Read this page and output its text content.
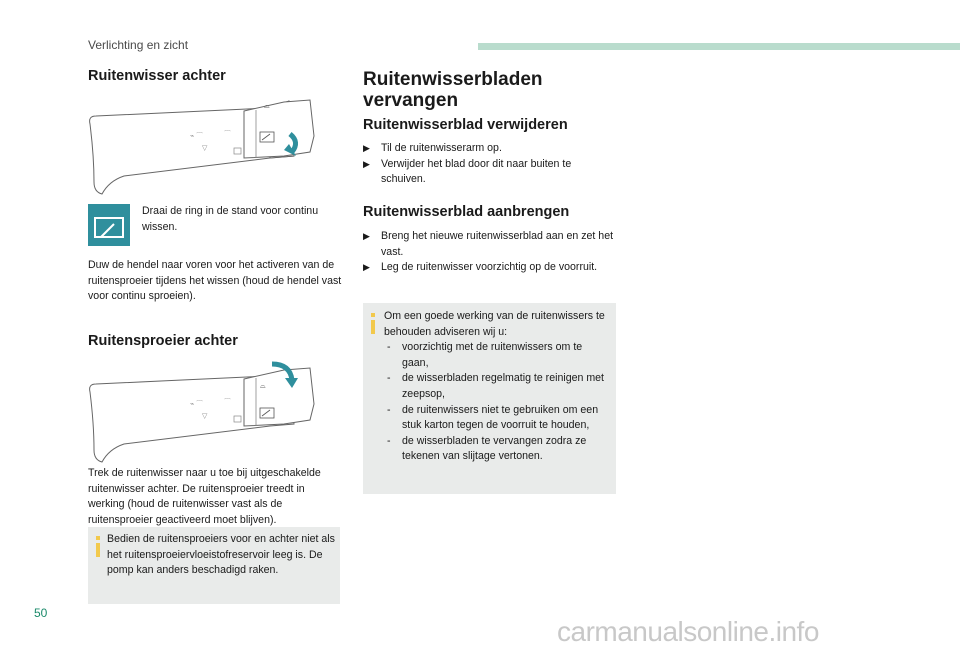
Verlichting en zicht
Ruitenwisser achter
⌁ ⌒
▽
⌒
⌓
Draai de ring in de stand voor continu wissen.
Duw de hendel naar voren voor het activeren van de ruitensproeier tijdens het wissen (houd de hendel vast voor continu sproeien).
Ruitensproeier achter
⌁ ⌒
▽
⌒
⌓
Trek de ruitenwisser naar u toe bij uitgeschakelde ruitenwisser achter. De ruitensproeier treedt in werking (houd de ruitenwisser vast als de ruitensproeier geactiveerd moet blijven).
Bedien de ruitensproeiers voor en achter niet als het ruitensproeiervloeistofreservoir leeg is. De pomp kan anders beschadigd raken.
Ruitenwisserbladen vervangen
Ruitenwisserblad verwijderen
▶ Til de ruitenwisserarm op.
▶ Verwijder het blad door dit naar buiten te schuiven.
Ruitenwisserblad aanbrengen
▶ Breng het nieuwe ruitenwisserblad aan en zet het vast.
▶ Leg de ruitenwisser voorzichtig op de voorruit.
Om een goede werking van de ruitenwissers te behouden adviseren wij u:
- voorzichtig met de ruitenwissers om te gaan,
- de wisserbladen regelmatig te reinigen met zeepsop,
- de ruitenwissers niet te gebruiken om een stuk karton tegen de voorruit te houden,
- de wisserbladen te vervangen zodra ze tekenen van slijtage vertonen.
50
carmanualsonline.info
